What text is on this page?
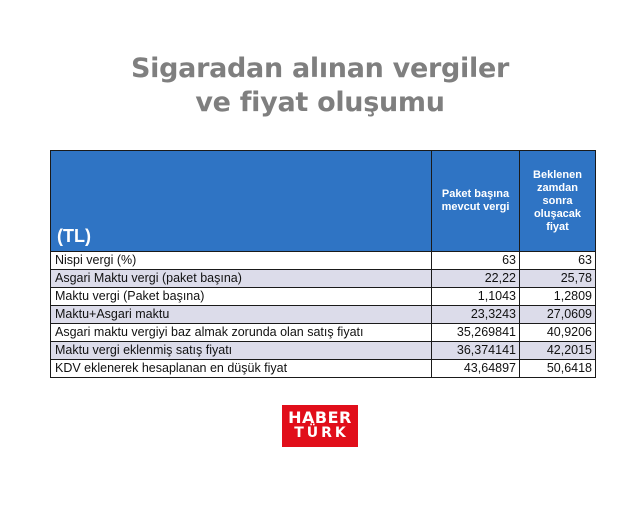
Sigaradan alınan vergiler
ve fiyat oluşumu
(TL)	Paket başına mevcut vergi	Beklenen zamdan sonra oluşacak fiyat
Nispi vergi (%)	63	63
Asgari Maktu vergi (paket başına)	22,22	25,78
Maktu vergi (Paket başına)	1,1043	1,2809
Maktu+Asgari maktu	23,3243	27,0609
Asgari maktu vergiyi baz almak zorunda olan satış fiyatı	35,269841	40,9206
Maktu vergi eklenmiş satış fiyatı	36,374141	42,2015
KDV eklenerek hesaplanan en düşük fiyat	43,64897	50,6418
HABER
TÜRK
